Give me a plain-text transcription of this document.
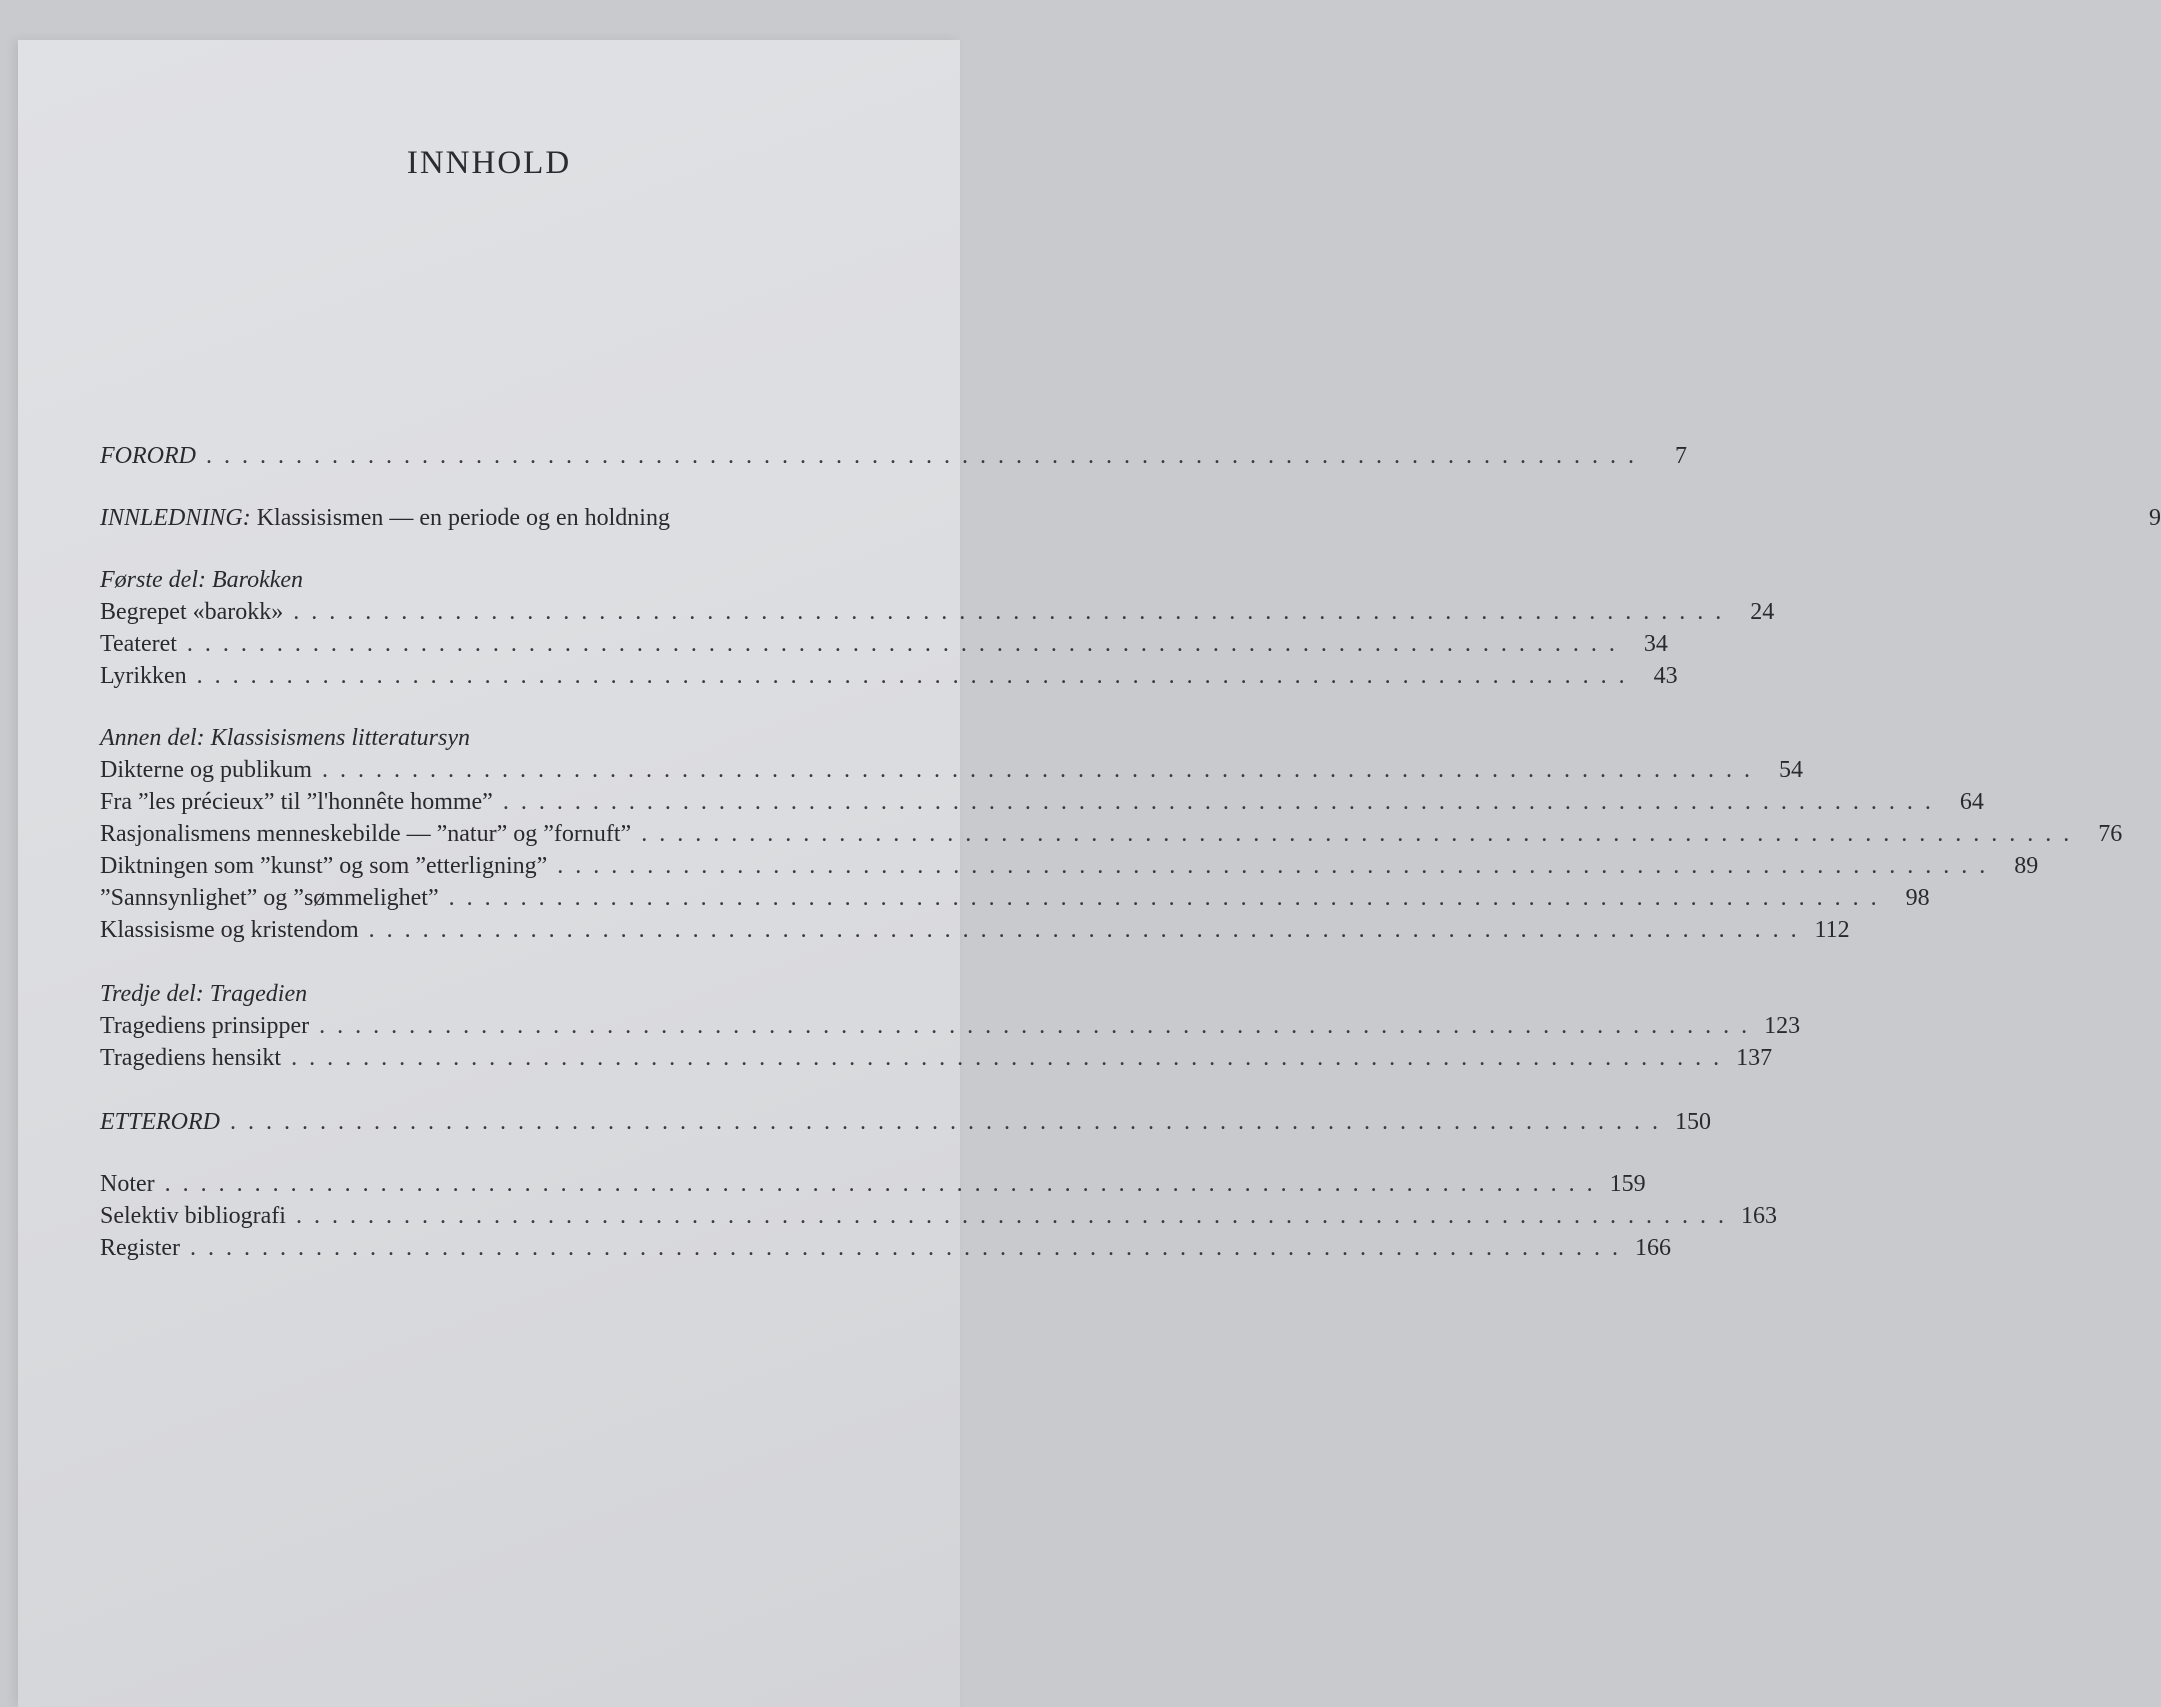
INNHOLD
FORORD . . . . . . . . . . . . . . . . . . . . . . . . . . . . . . . . . . . . . . . . . . . . . . . . . . . . . . . . . . . . . . . . . . . . . . . . . . . . . . . .	7
INNLEDNING: Klassisismen — en periode og en holdning	9
Første del: Barokken
Begrepet «barokk» . . . . . . . . . . . . . . . . . . . . . . . . . . . . . . . . . . . . . . . . . . . . . . . . . . . . . . . . . . . . . . . . . . . . . . . . . . . . . . . .	24
Teateret . . . . . . . . . . . . . . . . . . . . . . . . . . . . . . . . . . . . . . . . . . . . . . . . . . . . . . . . . . . . . . . . . . . . . . . . . . . . . . . .	34
Lyrikken . . . . . . . . . . . . . . . . . . . . . . . . . . . . . . . . . . . . . . . . . . . . . . . . . . . . . . . . . . . . . . . . . . . . . . . . . . . . . . . .	43
Annen del: Klassisismens litteratursyn
Dikterne og publikum . . . . . . . . . . . . . . . . . . . . . . . . . . . . . . . . . . . . . . . . . . . . . . . . . . . . . . . . . . . . . . . . . . . . . . . . . . . . . . . .	54
Fra ”les précieux” til ”l'honnête homme” . . . . . . . . . . . . . . . . . . . . . . . . . . . . . . . . . . . . . . . . . . . . . . . . . . . . . . . . . . . . . . . . . . . . . . . . . . . . . . . .	64
Rasjonalismens menneskebilde — ”natur” og ”fornuft” . . . . . . . . . . . . . . . . . . . . . . . . . . . . . . . . . . . . . . . . . . . . . . . . . . . . . . . . . . . . . . . . . . . . . . . . . . . . . . . .	76
Diktningen som ”kunst” og som ”etterligning” . . . . . . . . . . . . . . . . . . . . . . . . . . . . . . . . . . . . . . . . . . . . . . . . . . . . . . . . . . . . . . . . . . . . . . . . . . . . . . . .	89
”Sannsynlighet” og ”sømmelighet” . . . . . . . . . . . . . . . . . . . . . . . . . . . . . . . . . . . . . . . . . . . . . . . . . . . . . . . . . . . . . . . . . . . . . . . . . . . . . . . .	98
Klassisisme og kristendom . . . . . . . . . . . . . . . . . . . . . . . . . . . . . . . . . . . . . . . . . . . . . . . . . . . . . . . . . . . . . . . . . . . . . . . . . . . . . . . . 112
Tredje del: Tragedien
Tragediens prinsipper . . . . . . . . . . . . . . . . . . . . . . . . . . . . . . . . . . . . . . . . . . . . . . . . . . . . . . . . . . . . . . . . . . . . . . . . . . . . . . . . 123
Tragediens hensikt . . . . . . . . . . . . . . . . . . . . . . . . . . . . . . . . . . . . . . . . . . . . . . . . . . . . . . . . . . . . . . . . . . . . . . . . . . . . . . . . 137
ETTERORD . . . . . . . . . . . . . . . . . . . . . . . . . . . . . . . . . . . . . . . . . . . . . . . . . . . . . . . . . . . . . . . . . . . . . . . . . . . . . . . . 150
Noter . . . . . . . . . . . . . . . . . . . . . . . . . . . . . . . . . . . . . . . . . . . . . . . . . . . . . . . . . . . . . . . . . . . . . . . . . . . . . . . . 159
Selektiv bibliografi . . . . . . . . . . . . . . . . . . . . . . . . . . . . . . . . . . . . . . . . . . . . . . . . . . . . . . . . . . . . . . . . . . . . . . . . . . . . . . . . 163
Register . . . . . . . . . . . . . . . . . . . . . . . . . . . . . . . . . . . . . . . . . . . . . . . . . . . . . . . . . . . . . . . . . . . . . . . . . . . . . . . . 166
